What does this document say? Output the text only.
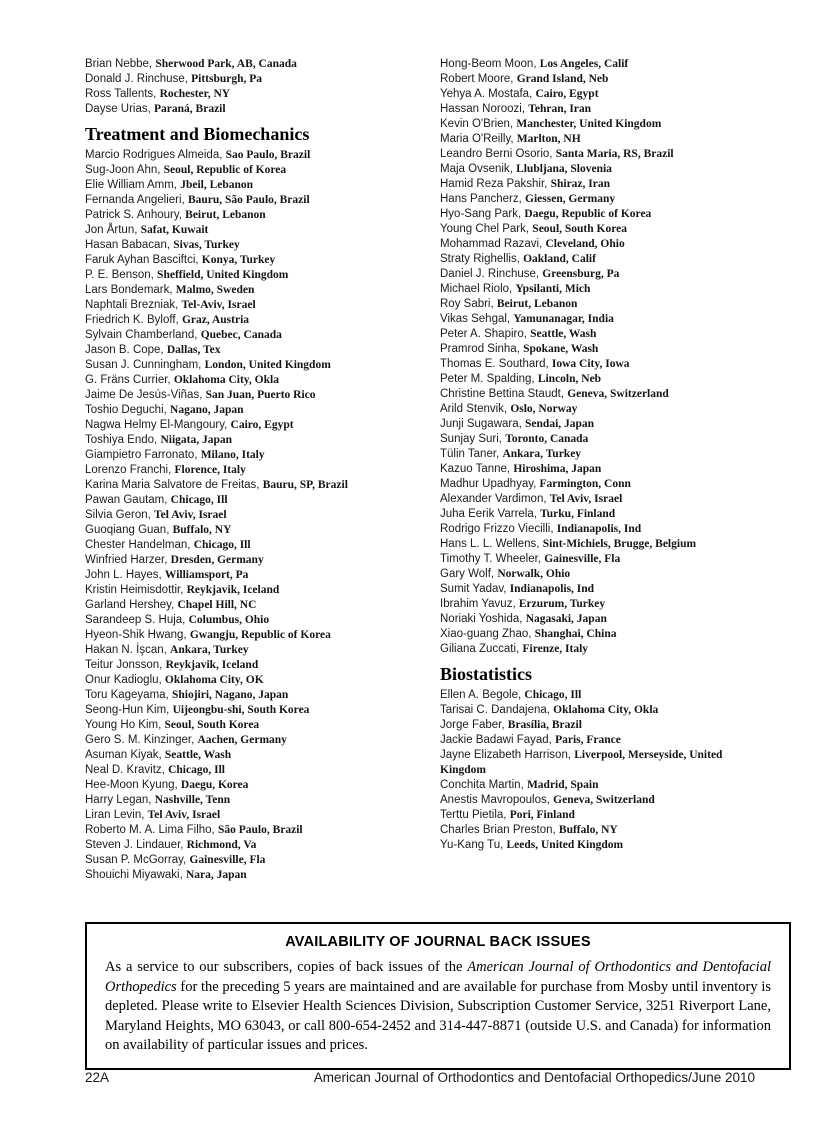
Brian Nebbe, Sherwood Park, AB, Canada
Donald J. Rinchuse, Pittsburgh, Pa
Ross Tallents, Rochester, NY
Dayse Urias, Paraná, Brazil
Treatment and Biomechanics
Marcio Rodrigues Almeida, Sao Paulo, Brazil
Sug-Joon Ahn, Seoul, Republic of Korea
Elie William Amm, Jbeil, Lebanon
Fernanda Angelieri, Bauru, São Paulo, Brazil
Patrick S. Anhoury, Beirut, Lebanon
Jon Årtun, Safat, Kuwait
Hasan Babacan, Sivas, Turkey
Faruk Ayhan Basciftci, Konya, Turkey
P. E. Benson, Sheffield, United Kingdom
Lars Bondemark, Malmo, Sweden
Naphtali Brezniak, Tel-Aviv, Israel
Friedrich K. Byloff, Graz, Austria
Sylvain Chamberland, Quebec, Canada
Jason B. Cope, Dallas, Tex
Susan J. Cunningham, London, United Kingdom
G. Fräns Currier, Oklahoma City, Okla
Jaime De Jesús-Viñas, San Juan, Puerto Rico
Toshio Deguchi, Nagano, Japan
Nagwa Helmy El-Mangoury, Cairo, Egypt
Toshiya Endo, Niigata, Japan
Giampietro Farronato, Milano, Italy
Lorenzo Franchi, Florence, Italy
Karina Maria Salvatore de Freitas, Bauru, SP, Brazil
Pawan Gautam, Chicago, Ill
Silvia Geron, Tel Aviv, Israel
Guoqiang Guan, Buffalo, NY
Chester Handelman, Chicago, Ill
Winfried Harzer, Dresden, Germany
John L. Hayes, Williamsport, Pa
Kristin Heimisdottir, Reykjavik, Iceland
Garland Hershey, Chapel Hill, NC
Sarandeep S. Huja, Columbus, Ohio
Hyeon-Shik Hwang, Gwangju, Republic of Korea
Hakan N. İşcan, Ankara, Turkey
Teitur Jonsson, Reykjavik, Iceland
Onur Kadioglu, Oklahoma City, OK
Toru Kageyama, Shiojiri, Nagano, Japan
Seong-Hun Kim, Uijeongbu-shi, South Korea
Young Ho Kim, Seoul, South Korea
Gero S. M. Kinzinger, Aachen, Germany
Asuman Kiyak, Seattle, Wash
Neal D. Kravitz, Chicago, Ill
Hee-Moon Kyung, Daegu, Korea
Harry Legan, Nashville, Tenn
Liran Levin, Tel Aviv, Israel
Roberto M. A. Lima Filho, São Paulo, Brazil
Steven J. Lindauer, Richmond, Va
Susan P. McGorray, Gainesville, Fla
Shouichi Miyawaki, Nara, Japan
Hong-Beom Moon, Los Angeles, Calif
Robert Moore, Grand Island, Neb
Yehya A. Mostafa, Cairo, Egypt
Hassan Noroozi, Tehran, Iran
Kevin O'Brien, Manchester, United Kingdom
Maria O'Reilly, Marlton, NH
Leandro Berni Osorio, Santa Maria, RS, Brazil
Maja Ovsenik, Llubljana, Slovenia
Hamid Reza Pakshir, Shiraz, Iran
Hans Pancherz, Giessen, Germany
Hyo-Sang Park, Daegu, Republic of Korea
Young Chel Park, Seoul, South Korea
Mohammad Razavi, Cleveland, Ohio
Straty Righellis, Oakland, Calif
Daniel J. Rinchuse, Greensburg, Pa
Michael Riolo, Ypsilanti, Mich
Roy Sabri, Beirut, Lebanon
Vikas Sehgal, Yamunanagar, India
Peter A. Shapiro, Seattle, Wash
Pramrod Sinha, Spokane, Wash
Thomas E. Southard, Iowa City, Iowa
Peter M. Spalding, Lincoln, Neb
Christine Bettina Staudt, Geneva, Switzerland
Arild Stenvik, Oslo, Norway
Junji Sugawara, Sendai, Japan
Sunjay Suri, Toronto, Canada
Tülin Taner, Ankara, Turkey
Kazuo Tanne, Hiroshima, Japan
Madhur Upadhyay, Farmington, Conn
Alexander Vardimon, Tel Aviv, Israel
Juha Eerik Varrela, Turku, Finland
Rodrigo Frizzo Viecilli, Indianapolis, Ind
Hans L. L. Wellens, Sint-Michiels, Brugge, Belgium
Timothy T. Wheeler, Gainesville, Fla
Gary Wolf, Norwalk, Ohio
Sumit Yadav, Indianapolis, Ind
Ibrahim Yavuz, Erzurum, Turkey
Noriaki Yoshida, Nagasaki, Japan
Xiao-guang Zhao, Shanghai, China
Giliana Zuccati, Firenze, Italy
Biostatistics
Ellen A. Begole, Chicago, Ill
Tarisai C. Dandajena, Oklahoma City, Okla
Jorge Faber, Brasília, Brazil
Jackie Badawi Fayad, Paris, France
Jayne Elizabeth Harrison, Liverpool, Merseyside, United Kingdom
Conchita Martin, Madrid, Spain
Anestis Mavropoulos, Geneva, Switzerland
Terttu Pietila, Pori, Finland
Charles Brian Preston, Buffalo, NY
Yu-Kang Tu, Leeds, United Kingdom
AVAILABILITY OF JOURNAL BACK ISSUES

As a service to our subscribers, copies of back issues of the American Journal of Orthodontics and Dentofacial Orthopedics for the preceding 5 years are maintained and are available for purchase from Mosby until inventory is depleted. Please write to Elsevier Health Sciences Division, Subscription Customer Service, 3251 Riverport Lane, Maryland Heights, MO 63043, or call 800-654-2452 and 314-447-8871 (outside U.S. and Canada) for information on availability of particular issues and prices.

22A	American Journal of Orthodontics and Dentofacial Orthopedics/June 2010
